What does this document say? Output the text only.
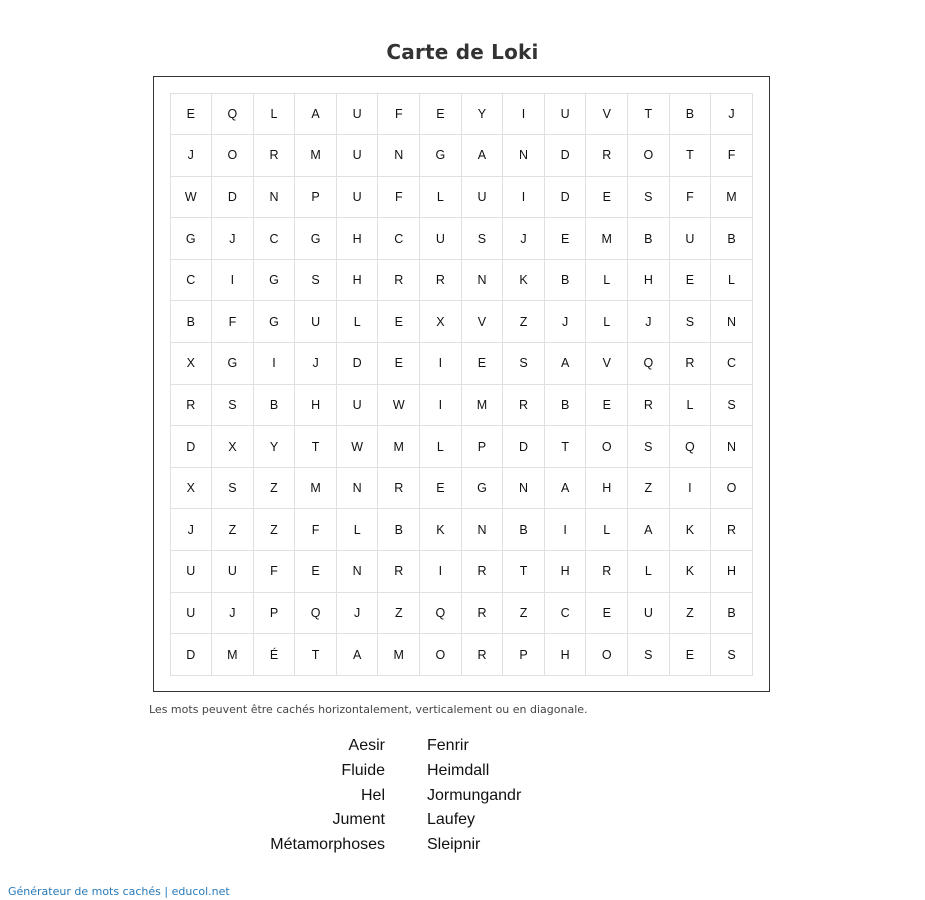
Carte de Loki
E	Q	L	A	U	F	E	Y	I	U	V	T	B	J
J	O	R	M	U	N	G	A	N	D	R	O	T	F
W	D	N	P	U	F	L	U	I	D	E	S	F	M
G	J	C	G	H	C	U	S	J	E	M	B	U	B
C	I	G	S	H	R	R	N	K	B	L	H	E	L
B	F	G	U	L	E	X	V	Z	J	L	J	S	N
X	G	I	J	D	E	I	E	S	A	V	Q	R	C
R	S	B	H	U	W	I	M	R	B	E	R	L	S
D	X	Y	T	W	M	L	P	D	T	O	S	Q	N
X	S	Z	M	N	R	E	G	N	A	H	Z	I	O
J	Z	Z	F	L	B	K	N	B	I	L	A	K	R
U	U	F	E	N	R	I	R	T	H	R	L	K	H
U	J	P	Q	J	Z	Q	R	Z	C	E	U	Z	B
D	M	É	T	A	M	O	R	P	H	O	S	E	S
Les mots peuvent être cachés horizontalement, verticalement ou en diagonale.
Aesir	Fenrir
Fluide	Heimdall
Hel	Jormungandr
Jument	Laufey
Métamorphoses	Sleipnir
Générateur de mots cachés | educol.net
